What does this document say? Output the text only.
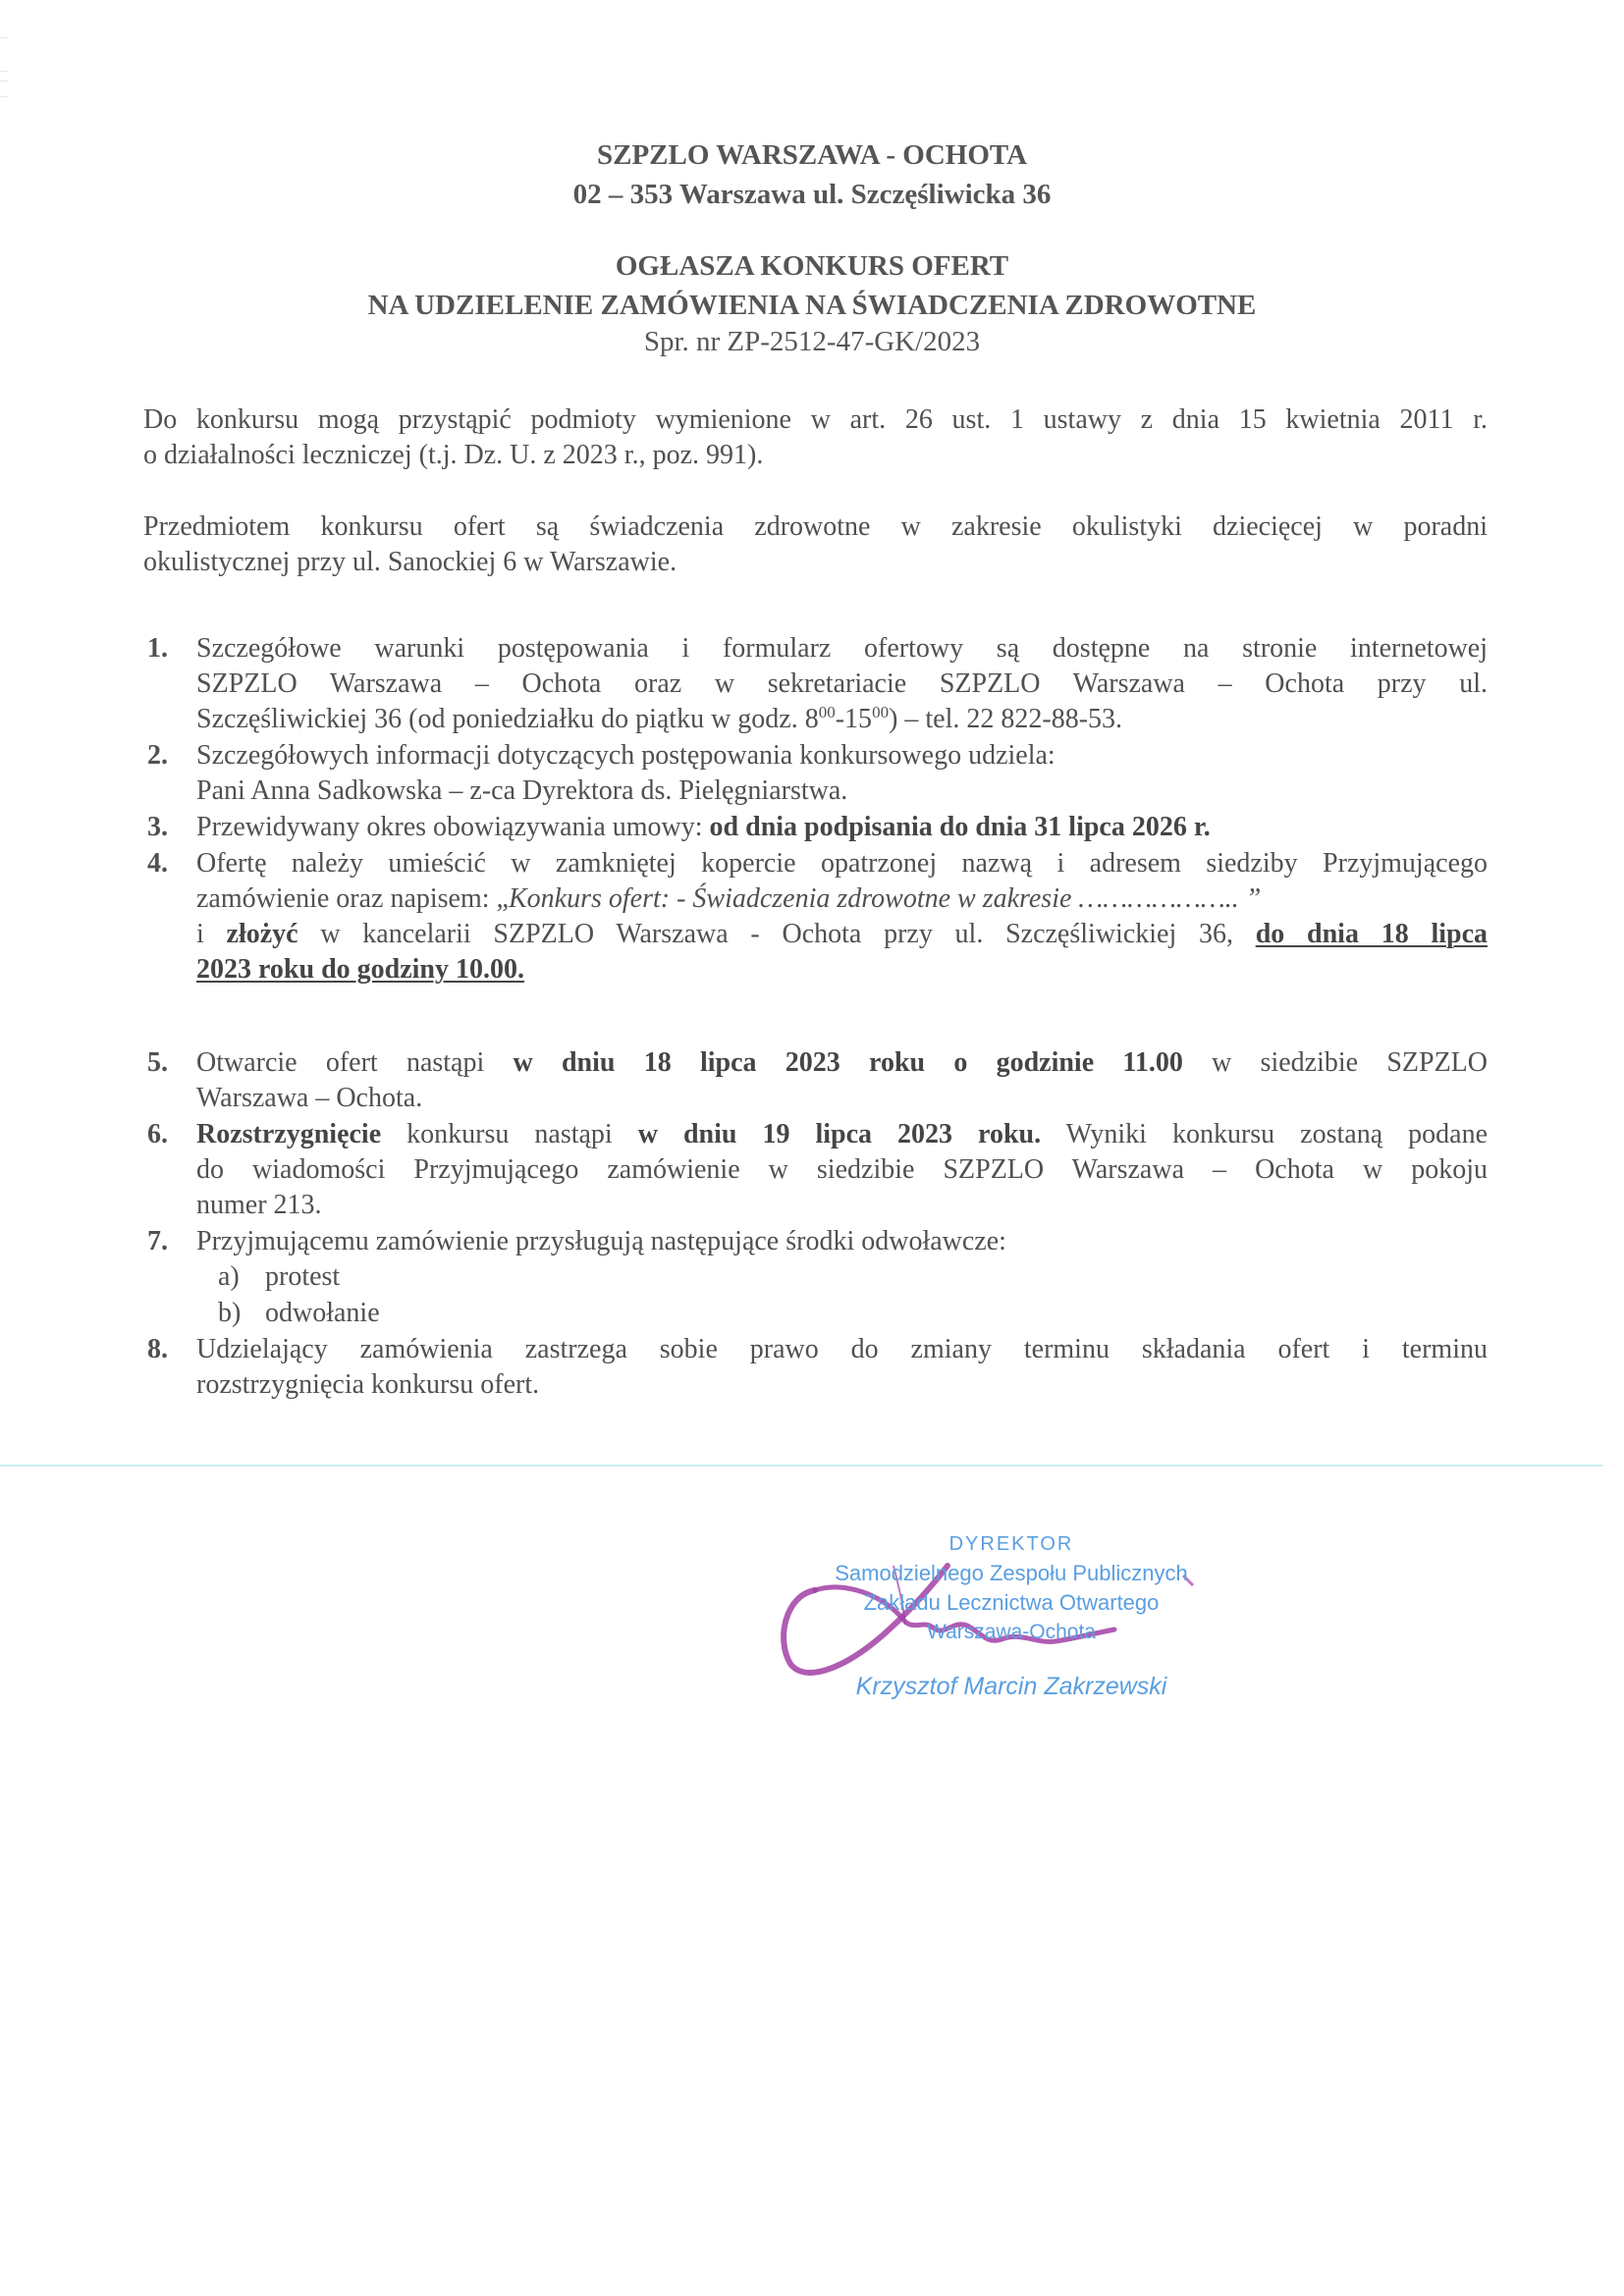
SZPZLO WARSZAWA - OCHOTA
02 – 353 Warszawa ul. Szczęśliwicka 36
OGŁASZA KONKURS OFERT
NA UDZIELENIE ZAMÓWIENIA NA ŚWIADCZENIA ZDROWOTNE
Spr. nr ZP-2512-47-GK/2023
Do konkursu mogą przystąpić podmioty wymienione w art. 26 ust. 1 ustawy z dnia 15 kwietnia 2011 r.
o działalności leczniczej (t.j. Dz. U. z 2023 r., poz. 991).
Przedmiotem konkursu ofert są świadczenia zdrowotne w zakresie okulistyki dziecięcej w poradni
okulistycznej przy ul. Sanockiej 6 w Warszawie.
1.	Szczegółowe warunki postępowania i formularz ofertowy są dostępne na stronie internetowej
SZPZLO Warszawa – Ochota oraz w sekretariacie SZPZLO Warszawa – Ochota przy ul.
Szczęśliwickiej 36 (od poniedziałku do piątku w godz. $8^{00}-15^{00}$) – tel. 22 822-88-53.
2.	Szczegółowych informacji dotyczących postępowania konkursowego udziela:
Pani Anna Sadkowska – z-ca Dyrektora ds. Pielęgniarstwa.
3.	Przewidywany okres obowiązywania umowy: od dnia podpisania do dnia 31 lipca 2026 r.
4.	Ofertę należy umieścić w zamkniętej kopercie opatrzonej nazwą i adresem siedziby Przyjmującego
zamówienie oraz napisem: „Konkurs ofert: - Świadczenia zdrowotne w zakresie ……………….. ”
i złożyć w kancelarii SZPZLO Warszawa - Ochota przy ul. Szczęśliwickiej 36, do dnia 18 lipca
2023 roku do godziny 10.00.
5.	Otwarcie ofert nastąpi w dniu 18 lipca 2023 roku o godzinie 11.00 w siedzibie SZPZLO
Warszawa – Ochota.
6.	Rozstrzygnięcie konkursu nastąpi w dniu 19 lipca 2023 roku. Wyniki konkursu zostaną podane
do wiadomości Przyjmującego zamówienie w siedzibie SZPZLO Warszawa – Ochota w pokoju
numer 213.
7.	Przyjmującemu zamówienie przysługują następujące środki odwoławcze:
a) protest
b) odwołanie
8.	Udzielający zamówienia zastrzega sobie prawo do zmiany terminu składania ofert i terminu
rozstrzygnięcia konkursu ofert.
DYREKTOR
Samodzielnego Zespołu Publicznych
Zakładu Lecznictwa Otwartego
Warszawa-Ochota
Krzysztof Marcin Zakrzewski
